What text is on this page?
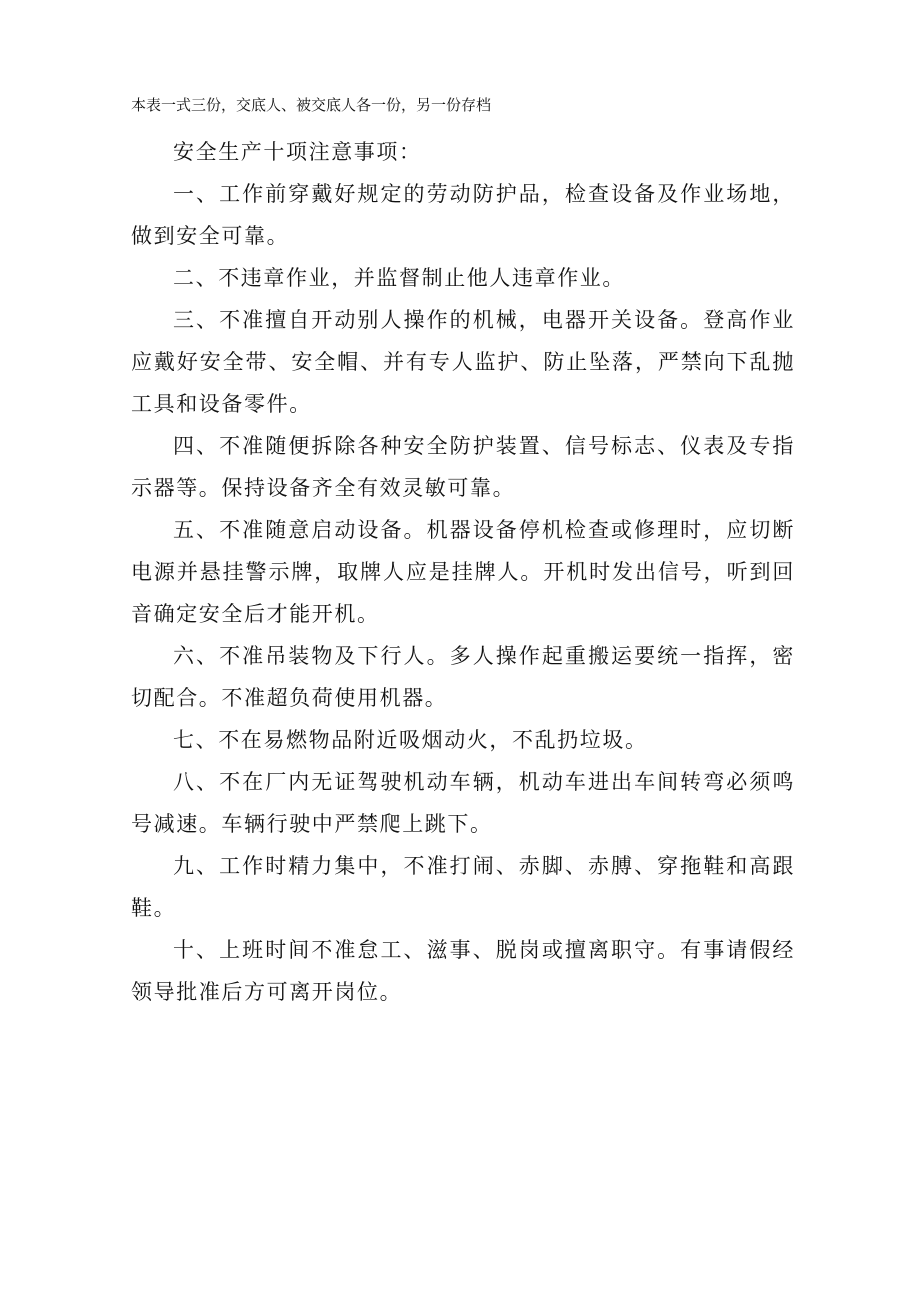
本表一式三份，交底人、被交底人各一份，另一份存档

安全生产十项注意事项：

一、工作前穿戴好规定的劳动防护品，检查设备及作业场地，做到安全可靠。

二、不违章作业，并监督制止他人违章作业。

三、不准擅自开动别人操作的机械，电器开关设备。登高作业应戴好安全带、安全帽、并有专人监护、防止坠落，严禁向下乱抛工具和设备零件。

四、不准随便拆除各种安全防护装置、信号标志、仪表及专指示器等。保持设备齐全有效灵敏可靠。

五、不准随意启动设备。机器设备停机检查或修理时，应切断电源并悬挂警示牌，取牌人应是挂牌人。开机时发出信号，听到回音确定安全后才能开机。

六、不准吊装物及下行人。多人操作起重搬运要统一指挥，密切配合。不准超负荷使用机器。

七、不在易燃物品附近吸烟动火，不乱扔垃圾。

八、不在厂内无证驾驶机动车辆，机动车进出车间转弯必须鸣号减速。车辆行驶中严禁爬上跳下。

九、工作时精力集中，不准打闹、赤脚、赤膊、穿拖鞋和高跟鞋。

十、上班时间不准怠工、滋事、脱岗或擅离职守。有事请假经领导批准后方可离开岗位。
